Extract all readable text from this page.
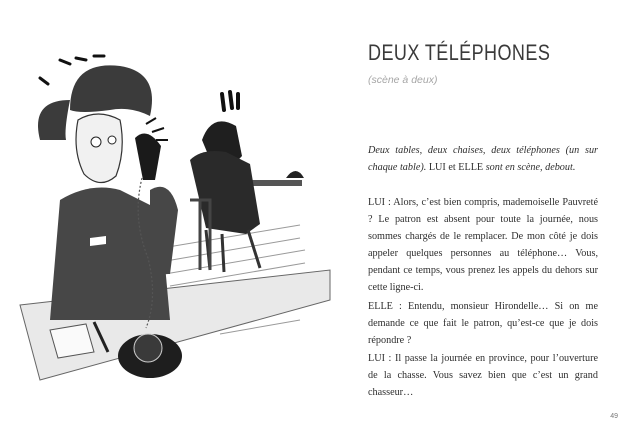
DEUX TÉLÉPHONES
(scène à deux)
Deux tables, deux chaises, deux téléphones (un sur chaque table). LUI et ELLE sont en scène, debout.
LUI : Alors, c’est bien compris, mademoiselle Pauvreté ? Le patron est absent pour toute la journée, nous sommes chargés de le remplacer. De mon côté je dois appeler quelques personnes au téléphone… Vous, pendant ce temps, vous prenez les appels du dehors sur cette ligne-ci.
ELLE : Entendu, monsieur Hirondelle… Si on me demande ce que fait le patron, qu’est-ce que je dois répondre ?
LUI : Il passe la journée en province, pour l’ouverture de la chasse. Vous savez bien que c’est un grand chasseur…
49
